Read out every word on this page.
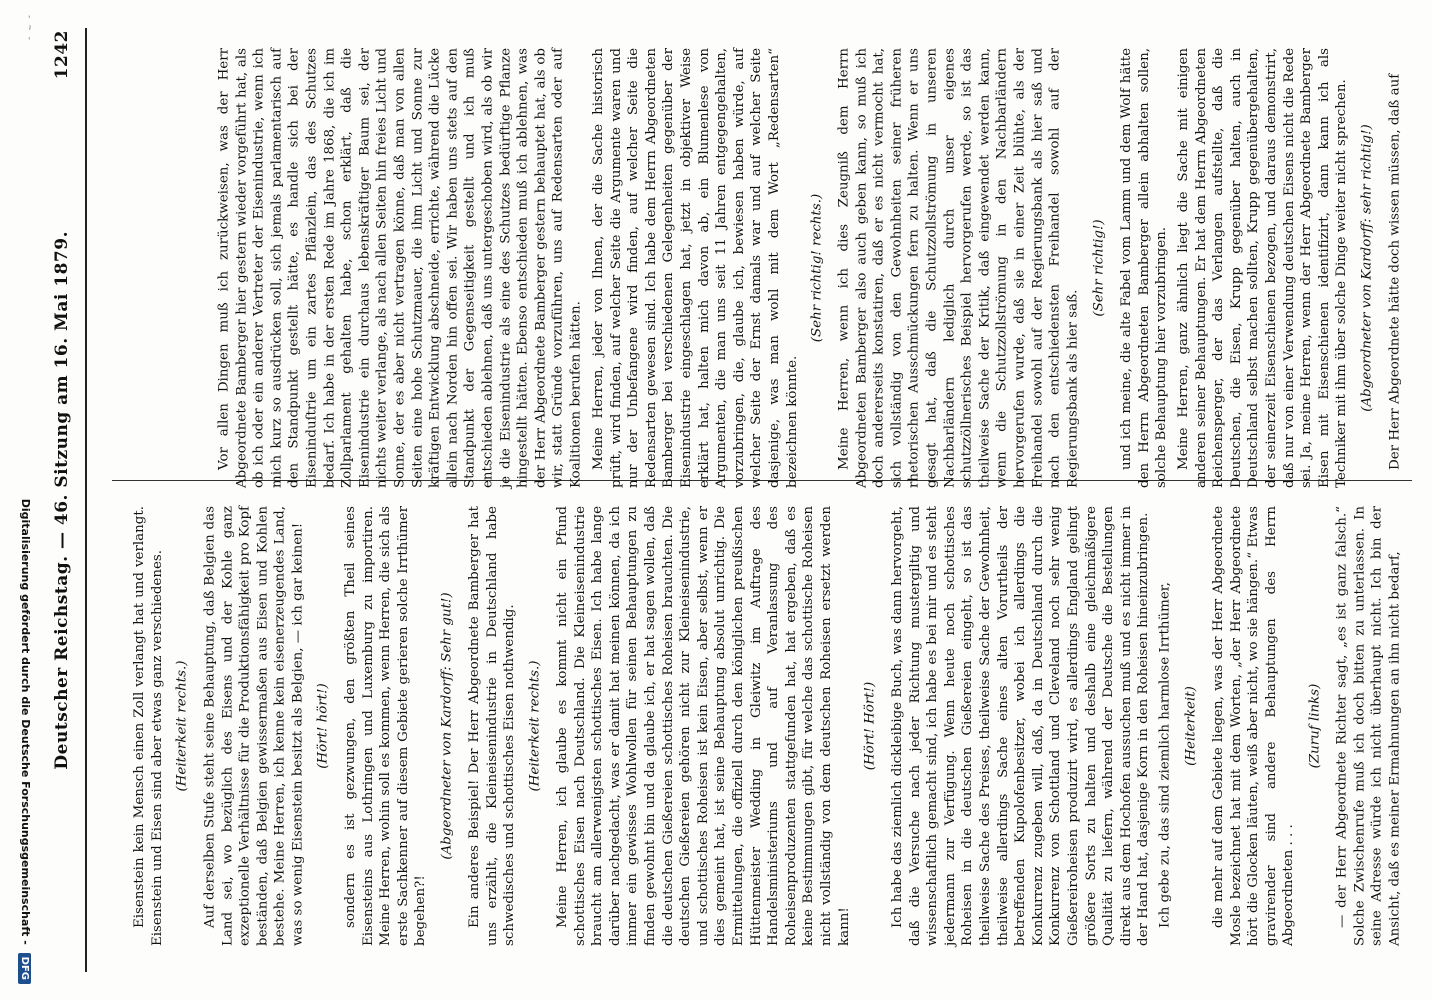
Vor allen Dingen muß ich zurückweisen, was der Herr Abgeordnete Bamberger hier gestern wieder vorgeführt hat, als ob ich oder ein anderer Vertreter der Eisenindustrie, wenn ich mich kurz so ausdrücken soll, sich jemals parlamentarisch auf den Standpunkt gestellt hätte, es handle sich bei der Eiseninduſtrie um ein zartes Pflänzlein, das des Schutzes bedarf. Ich habe in der ersten Rede im Jahre 1868, die ich im Zollparlament gehalten habe, schon erklärt, daß die Eisenindustrie ein durchaus lebenskräftiger Baum sei, der nichts weiter verlange, als nach allen Seiten hin freies Licht und Sonne, der es aber nicht vertragen könne, daß man von allen Seiten eine hohe Schutzmauer, die ihm Licht und Sonne zur kräftigen Entwicklung abschneide, errichte, während die Lücke allein nach Norden hin offen sei. Wir haben uns stets auf den Standpunkt der Gegenseitigkeit gestellt und ich muß entschieden ablehnen, daß uns untergeschoben wird, als ob wir je die Eisenindustrie als eine des Schutzes bedürftige Pflanze hingestellt hätten. Ebenso entschieden muß ich ablehnen, was der Herr Abgeordnete Bamberger gestern behauptet hat, als ob wir, statt Gründe vorzuführen, uns auf Redensarten oder auf Koalitionen berufen hätten. Meine Herren, jeder von Ihnen, der die Sache historisch prüft, wird finden, auf welcher Seite die Argumente waren und nur der Unbefangene wird finden, auf welcher Seite die Redensarten gewesen sind. Ich habe dem Herrn Abgeordneten Bamberger bei verschiedenen Gelegenheiten gegenüber der Eisenindustrie eingeschlagen hat, jetzt in objektiver Weise erklärt hat, halten mich davon ab, ein Blumenlese von Argumenten, die man uns seit 11 Jahren entgegengehalten, vorzubringen, die, glaube ich, bewiesen haben würde, auf welcher Seite der Ernst damals war und auf welcher Seite dasjenige, was man wohl mit dem Wort „Redensarten“ bezeichnen könnte.

(Sehr richtig! rechts.) Meine Herren, wenn ich dies Zeugniß dem Herrn Abgeordneten Bamberger also auch geben kann, so muß ich doch andererseits konstatiren, daß er es nicht vermocht hat, sich vollständig von den Gewohnheiten seiner früheren rhetorischen Ausschmückungen fern zu halten. Wenn er uns gesagt hat, daß die Schutzzollströmung in unseren Nachbarländern lediglich durch unser eigenes schutzzöllnerisches Beispiel hervorgerufen werde, so ist das theilweise Sache der Kritik, daß eingewendet werden kann, wenn die Schutzzollströmung in den Nachbarländern hervorgerufen wurde, daß sie in einer Zeit blühte, als der Freihandel sowohl auf der Regierungsbank als hier saß und nach den entschiedensten Freihandel sowohl auf der Regierungsbank als hier saß.

(Sehr richtig!) und ich meine, die alte Fabel vom Lamm und dem Wolf hätte den Herrn Abgeordneten Bamberger allein abhalten sollen, solche Behauptung hier vorzubringen. Meine Herren, ganz ähnlich liegt die Sache mit einigen anderen seiner Behauptungen. Er hat dem Herrn Abgeordneten Reichensperger, der das Verlangen aufstellte, daß die Deutschen, die Eisen, Krupp gegenüber halten, auch in Deutschland selbst machen sollten, Krupp gegenübergehalten, der seinerzeit Eisenschienen bezogen, und daraus demonstrirt, daß nur von einer Verwendung deutschen Eisens nicht die Rede sei. Ja, meine Herren, wenn der Herr Abgeordnete Bamberger Eisen mit Eisenschienen identifizirt, dann kann ich als Techniker mit ihm über solche Dinge weiter nicht sprechen. (Abgeordneter von Kardorff: sehr richtig!) Der Herr Abgeordnete hätte doch wissen müssen, daß auf

Eisenstein kein Mensch einen Zoll verlangt hat und verlangt. Eisenstein und Eisen sind aber etwas ganz verschiedenes. (Heiterkeit rechts.) Auf derselben Stufe steht seine Behauptung, daß Belgien das Land sei, wo bezüglich des Eisens und der Kohle ganz exzeptionelle Verhältnisse für die Produktionsfähigkeit pro Kopf beständen, daß Belgien gewissermaßen aus Eisen und Kohlen bestehe. Meine Herren, ich kenne kein eisenerzeugendes Land, was so wenig Eisenstein besitzt als Belgien, — ich gar keinen! (Hört! hört!) sondern es ist gezwungen, den größten Theil seines Eisensteins aus Lothringen und Luxemburg zu importiren. Meine Herren, wohin soll es kommen, wenn Herren, die sich als erste Sachkenner auf diesem Gebiete gerieren solche Irrthümer begehen?!

(Abgeordneter von Kardorff: Sehr gut!) Ein anderes Beispiel! Der Herr Abgeordnete Bamberger hat uns erzählt, die Kleineisenindustrie in Deutschland habe schwedisches und schottisches Eisen nothwendig. (Heiterkeit rechts.) Meine Herren, ich glaube es kommt nicht ein Pfund schottisches Eisen nach Deutschland. Die Kleineisenindustrie braucht am allerwenigsten schottisches Eisen. Ich habe lange darüber nachgedacht, was er damit hat meinen können, da ich immer ein gewisses Wohlwollen für seinen Behauptungen zu finden gewohnt bin und da glaube ich, er hat sagen wollen, daß die deutschen Gießereien schottisches Roheisen brauchten. Die deutschen Gießereien gehören nicht zur Kleineisenindustrie, und schottisches Roheisen ist kein Eisen, aber selbst, wenn er dies gemeint hat, ist seine Behauptung absolut unrichtig. Die Ermittelungen, die offiziell durch den königlichen preußischen Hüttenmeister Wedding in Gleiwitz im Auftrage des Handelsministeriums und auf Veranlassung des Roheisenproduzenten stattgefunden hat, hat ergeben, daß es keine Bestimmungen gibt, für welche das schottische Roheisen nicht vollständig von dem deutschen Roheisen ersetzt werden kann!

(Hört! Hört!) Ich habe das ziemlich dickleibige Buch, was dann hervorgeht, daß die Versuche nach jeder Richtung mustergiltig und wissenschaftlich gemacht sind, ich habe es bei mir und es steht jedermann zur Verfügung. Wenn heute noch schottisches Roheisen in die deutschen Gießereien eingeht, so ist das theilweise Sache des Preises, theilweise Sache der Gewohnheit, theilweise allerdings Sache eines alten Vorurtheils der betreffenden Kupolofenbesitzer, wobei ich allerdings die Konkurrenz zugeben will, daß, da in Deutschland durch die Konkurrenz von Schottland und Cleveland noch sehr wenig Gießereiroheisen produzirt wird, es allerdings England gelingt größere Sorts zu halten und deshalb eine gleichmäßigere Qualität zu liefern, während der Deutsche die Bestellungen direkt aus dem Hochofen aussuchen muß und es nicht immer in der Hand hat, dasjenige Korn in den Roheisen hineinzubringen. Ich gebe zu, das sind ziemlich harmlose Irrthümer, (Heiterkeit) die mehr auf dem Gebiete liegen, was der Herr Abgeordnete Mosle bezeichnet hat mit dem Worten, „der Herr Abgeordnete hört die Glocken läuten, weiß aber nicht, wo sie hängen.“ Etwas gravirender sind andere Behauptungen des Herrn Abgeordneten . . .

(Zuruf links) — der Herr Abgeordnete Richter sagt, „es ist ganz falsch.“ Solche Zwischenrufe muß ich doch bitten zu unterlassen. In seine Adresse würde ich nicht überhaupt nicht. Ich bin der Ansicht, daß es meiner Ermahnungen an ihn nicht bedarf,

1242
Deutscher Reichstag. — 46. Sitzung am 16. Mai 1879.
Digitalisierung gefördert durch die Deutsche Forschungsgemeinschaft - DFG
- ~ -
